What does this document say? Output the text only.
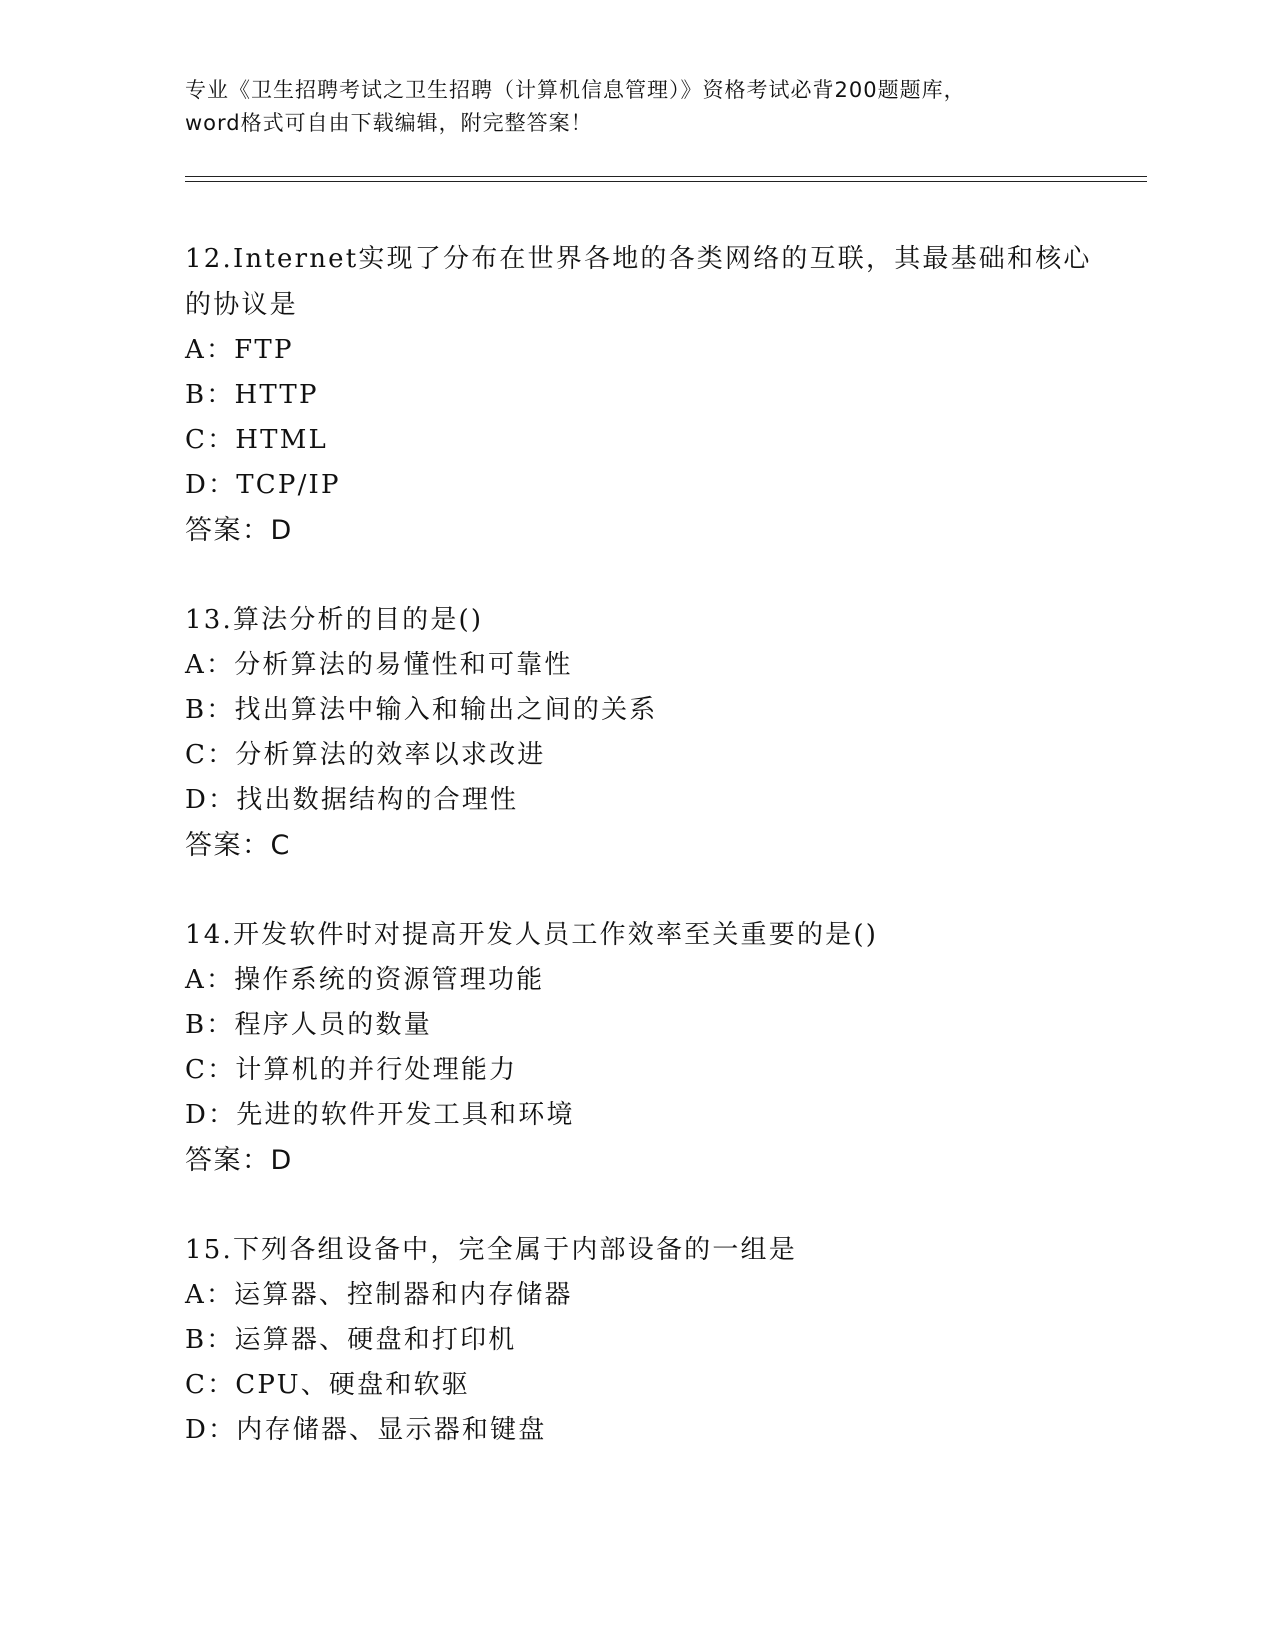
专业《卫生招聘考试之卫生招聘（计算机信息管理）》资格考试必背200题题库，
word格式可自由下载编辑，附完整答案！

12.Internet实现了分布在世界各地的各类网络的互联，其最基础和核心的协议是

A：FTP

B：HTTP

C：HTML

D：TCP/IP

答案：D

13.算法分析的目的是()

A：分析算法的易懂性和可靠性

B：找出算法中输入和输出之间的关系

C：分析算法的效率以求改进

D：找出数据结构的合理性

答案：C

14.开发软件时对提高开发人员工作效率至关重要的是()

A：操作系统的资源管理功能

B：程序人员的数量

C：计算机的并行处理能力

D：先进的软件开发工具和环境

答案：D

15.下列各组设备中，完全属于内部设备的一组是

A：运算器、控制器和内存储器

B：运算器、硬盘和打印机

C：CPU、硬盘和软驱

D：内存储器、显示器和键盘
